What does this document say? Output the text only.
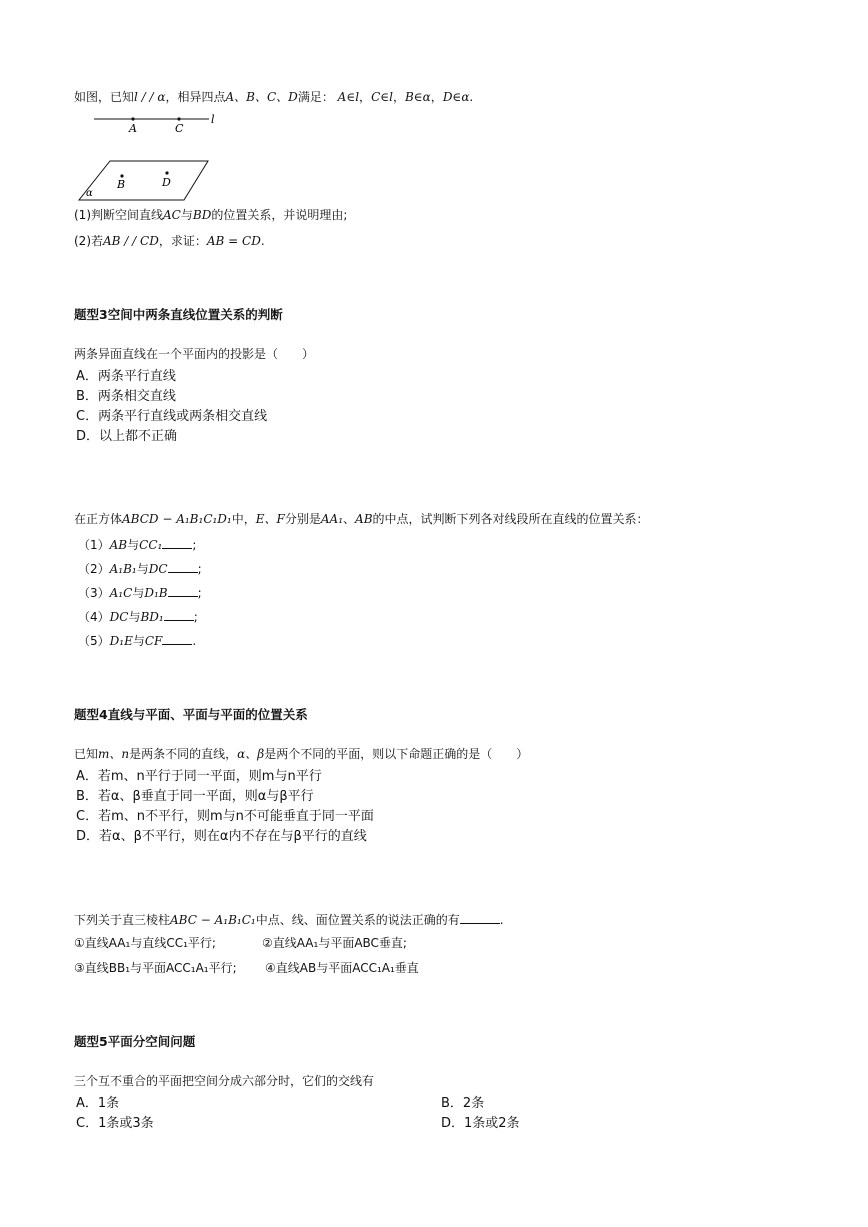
如图，已知l / / α，相异四点A、B、C、D满足： A∈l，C∈l，B∈α，D∈α.
l
A	C
α
B	D
(1)判断空间直线AC与BD的位置关系，并说明理由;
(2)若AB / / CD，求证：AB = CD.
题型3空间中两条直线位置关系的判断
两条异面直线在一个平面内的投影是（　　）
A．两条平行直线
B．两条相交直线
C．两条平行直线或两条相交直线
D．以上都不正确
在正方体ABCD − A₁B₁C₁D₁中，E、F分别是AA₁、AB的中点，试判断下列各对线段所在直线的位置关系：
（1）AB与CC₁	;
（2）A₁B₁与DC	;
（3）A₁C与D₁B	;
（4）DC与BD₁	;
（5）D₁E与CF	.
题型4直线与平面、平面与平面的位置关系
已知m、n是两条不同的直线，α、β是两个不同的平面，则以下命题正确的是（　　）
A．若m、n平行于同一平面，则m与n平行
B．若α、β垂直于同一平面，则α与β平行
C．若m、n不平行，则m与n不可能垂直于同一平面
D．若α、β不平行，则在α内不存在与β平行的直线
下列关于直三棱柱ABC − A₁B₁C₁中点、线、面位置关系的说法正确的有	.
①直线AA₁与直线CC₁平行;	②直线AA₁与平面ABC垂直;
③直线BB₁与平面ACC₁A₁平行; ④直线AB与平面ACC₁A₁垂直
题型5平面分空间问题
三个互不重合的平面把空间分成六部分时，它们的交线有
A．1条	B．2条
C．1条或3条	D．1条或2条
